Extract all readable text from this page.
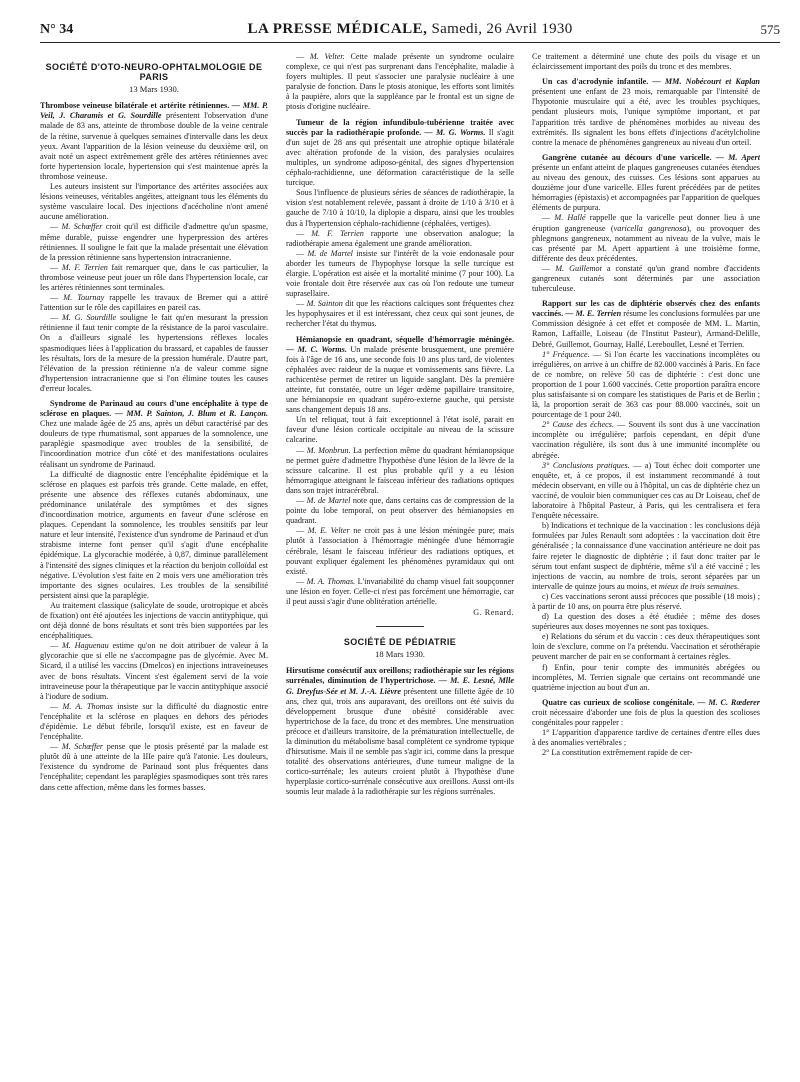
N° 34	LA PRESSE MÉDICALE, Samedi, 26 Avril 1930	575
SOCIÉTÉ D'OTO-NEURO-OPHTALMOLOGIE DE PARIS
13 Mars 1930.

Thrombose veineuse bilatérale et artérite rétiniennes. — MM. P. Veil, J. Charamis et G. Sourdille présentent l'observation d'une malade de 83 ans, atteinte de thrombose double de la veine centrale de la rétine, survenue à quelques semaines d'intervalle dans les deux yeux. Avant l'apparition de la lésion veineuse du deuxième œil, on avait noté un aspect extrêmement grêle des artères rétiniennes avec forte hypertension locale, hypertension qui s'est maintenue après la thrombose veineuse.

Les auteurs insistent sur l'importance des artérites associées aux lésions veineuses, véritables angéites, atteignant tous les éléments du système vasculaire local. Des injections d'acécholine n'ont amené aucune amélioration.

— M. Schœffer croit qu'il est difficile d'admettre qu'un spasme, même durable, puisse engendrer une hyperpression des artères rétiniennes. Il souligne le fait que la malade présentait une élévation de la pression rétinienne sans hypertension intracranienne.

— M. F. Terrien fait remarquer que, dans le cas particulier, la thrombose veineuse peut jouer un rôle dans l'hypertension locale, car les artères rétiniennes sont terminales.

— M. Tournay rappelle les travaux de Bremer qui a attiré l'attention sur le rôle des capillaires en pareil cas.

— M. G. Sourdille souligne le fait qu'en mesurant la pression rétinienne il faut tenir compte de la résistance de la paroi vasculaire. On a d'ailleurs signalé les hypertensions réflexes locales spasmodiques liées à l'application du brassard, et capables de fausser les résultats, lors de la mesure de la pression humérale. D'autre part, l'élévation de la pression rétinienne n'a de valeur comme signe d'hypertension intracranienne que si l'on élimine toutes les causes d'erreur locales.

Syndrome de Parinaud au cours d'une encéphalite à type de sclérose en plaques. — MM. P. Sainton, J. Blum et R. Lançon. Chez une malade âgée de 25 ans, après un début caractérisé par des douleurs de type rhumatismal, sont apparues de la somnolence, une paraplégie spasmodique avec troubles de la sensibilité, de l'incoordination motrice d'un côté et des manifestations oculaires réalisant un syndrome de Parinaud.

La difficulté de diagnostic entre l'encéphalite épidémique et la sclérose en plaques est parfois très grande. Cette malade, en effet, présente une absence des réflexes cutanés abdominaux, une prédominance unilatérale des symptômes et des signes d'incoordination motrice, arguments en faveur d'une sclérose en plaques. Cependant la somnolence, les troubles sensitifs par leur nature et leur intensité, l'existence d'un syndrome de Parinaud et d'un strabisme interne font penser qu'il s'agit d'une encéphalite épidémique. La glycorachie modérée, à 0,87, diminue parallèlement à l'intensité des signes cliniques et la réaction du benjoin colloïdal est négative. L'évolution s'est faite en 2 mois vers une amélioration très importante des signes oculaires. Les troubles de la sensibilité persistent ainsi que la paraplégie.

Au traitement classique (salicylate de soude, urotropique et abcès de fixation) ont été ajoutées les injections de vaccin antityphique, qui ont déjà donné de bons résultats et sont très bien supportées par les encéphalitiques.

— M. Haguenau estime qu'on ne doit attribuer de valeur à la glycorachie que si elle ne s'accompagne pas de glycémie. Avec M. Sicard, il a utilisé les vaccins (Dmelcos) en injections intraveineuses avec de bons résultats. Vincent s'est également servi de la voie intraveineuse pour la thérapeutique par le vaccin antityphique associé à l'iodure de sodium.

— M. A. Thomas insiste sur la difficulté du diagnostic entre l'encéphalite et la sclérose en plaques en dehors des périodes d'épidémie. Le début fébrile, lorsqu'il existe, est en faveur de l'encéphalite.

— M. Schœffer pense que le ptosis présenté par la malade est plutôt dû à une atteinte de la IIIe paire qu'à l'atonie. Les douleurs, l'existence du syndrome de Parinaud sont plus fréquentes dans l'encéphalite; cependant les paraplégies spasmodiques sont très rares dans cette affection, même dans les formes basses.

— M. Velter. Cette malade présente un syndrome oculaire complexe, ce qui n'est pas surprenant dans l'encéphalite, maladie à foyers multiples. Il peut s'associer une paralysie nucléaire à une paralysie de fonction. Dans le ptosis atonique, les efforts sont limités à la paupière, alors que la suppléance par le frontal est un signe de ptosis d'origine nucléaire.

Tumeur de la région infundibulo-tubérienne traitée avec succès par la radiothérapie profonde. — M. G. Worms. Il s'agit d'un sujet de 28 ans qui présentait une atrophie optique bilatérale avec altération profonde de la vision, des paralysies oculaires multiples, un syndrome adiposo-génital, des signes d'hypertension céphalo-rachidienne, une déformation caractéristique de la selle turcique.

Sous l'influence de plusieurs séries de séances de radiothérapie, la vision s'est notablement relevée, passant à droite de 1/10 à 3/10 et à gauche de 7/10 à 10/10, la diplopie a disparu, ainsi que les troubles dus à l'hypertension céphalo-rachidienne (céphalées, vertiges).

— M. F. Terrien rapporte une observation analogue; la radiothérapie amena également une grande amélioration.

— M. de Martel insiste sur l'intérêt de la voie endonasale pour aborder les tumeurs de l'hypophyse lorsque la selle turcique est élargie. L'opération est aisée et la mortalité minime (7 pour 100). La voie frontale doit être réservée aux cas où l'on redoute une tumeur suprasellaire.

— M. Sainton dit que les réactions calciques sont fréquentes chez les hypophysaires et il est intéressant, chez ceux qui sont jeunes, de rechercher l'état du thymus.

Hémianopsie en quadrant, séquelle d'hémorragie méningée. — M. C. Worms. Un malade présente brusquement, une première fois à l'âge de 16 ans, une seconde fois 10 ans plus tard, de violentes céphalées avec raideur de la nuque et vomissements sans fièvre. La rachicentèse permet de retirer un liquide sanglant. Dès la première atteinte, fut constatée, outre un léger œdème papillaire transitoire, une hémianopsie en quadrant supéro-externe gauche, qui persiste sans changement depuis 18 ans.

Un tel reliquat, tout à fait exceptionnel à l'état isolé, parait en faveur d'une lésion corticale occipitale au niveau de la scissure calcarine.

— M. Monbrun. La perfection même du quadrant hémianopsique ne permet guère d'admettre l'hypothèse d'une lésion de la lèvre de la scissure calcarine. Il est plus probable qu'il y a eu lésion hémorragique atteignant le faisceau inférieur des radiations optiques dans son trajet intracérébral.

— M. de Martel note que, dans certains cas de compression de la pointe du lobe temporal, on peut observer des hémianopsies en quadrant.

— M. E. Velter ne croit pas à une lésion méningée pure; mais plutôt à l'association à l'hémorragie méningée d'une hémorragie cérébrale, lésant le faisceau inférieur des radiations optiques, et pouvant expliquer également les phénomènes pyramidaux qui ont existé.

— M. A. Thomas. L'invariabilité du champ visuel fait soupçonner une lésion en foyer. Celle-ci n'est pas forcément une hémorragie, car il peut aussi s'agir d'une oblitération artérielle.

G. Renard.

SOCIÉTÉ DE PÉDIATRIE
18 Mars 1930.

Hirsutisme consécutif aux oreillons; radiothérapie sur les régions surrénales, diminution de l'hypertrichose. — M. E. Lesné, Mlle G. Dreyfus-Sée et M. J.-A. Lièvre présentent une fillette âgée de 10 ans, chez qui, trois ans auparavant, des oreillons ont été suivis du développement brusque d'une obésité considérable avec hypertrichose de la face, du tronc et des membres. Une menstruation précoce et d'ailleurs transitoire, de la prématuration intellectuelle, de la diminution du métabolisme basal complètent ce syndrome typique d'hirsutisme. Mais il ne semble pas s'agir ici, comme dans la presque totalité des observations antérieures, d'une tumeur maligne de la cortico-surrénale; les auteurs croient plutôt à l'hypothèse d'une hyperplasie cortico-surrénale consécutive aux oreillons. Aussi ont-ils soumis leur malade à la radiothérapie sur les régions surrénales.

Ce traitement a déterminé une chute des poils du visage et un éclaircissement important des poils du tronc et des membres.

Un cas d'acrodynie infantile. — MM. Nobécourt et Kaplan présentent une enfant de 23 mois, remarquable par l'intensité de l'hypotonie musculaire qui a été, avec les troubles psychiques, pendant plusieurs mois, l'unique symptôme important, et par l'apparition très tardive de phénomènes morbides au niveau des extrémités. Ils signalent les bons effets d'injections d'acétylcholine contre la menace de phénomènes gangreneux au niveau d'un orteil.

Gangrène cutanée au décours d'une varicelle. — M. Apert présente un enfant atteint de plaques gangreneuses cutanées étendues au niveau des genoux, des cuisses. Ces lésions sont apparues au douzième jour d'une varicelle. Elles furent précédées par de petites hémorragies (épistaxis) et accompagnées par l'apparition de quelques éléments de purpura.

— M. Hallé rappelle que la varicelle peut donner lieu à une éruption gangreneuse (varicella gangrenosa), ou provoquer des phlegmons gangreneux, notamment au niveau de la vulve, mais le cas présenté par M. Apert appartient à une troisième forme, différente des deux précédentes.

— M. Guillemot a constaté qu'un grand nombre d'accidents gangreneux cutanés sont déterminés par une association tuberculeuse.

Rapport sur les cas de diphtérie observés chez des enfants vaccinés. — M. E. Terrien résume les conclusions formulées par une Commission désignée à cet effet et composée de MM. L. Martin, Ramon, Laffaille, Loiseau (de l'Institut Pasteur), Armand-Delille, Debré, Guillemot, Gournay, Hallé, Lereboullet, Lesné et Terrien.

1° Fréquence. — Si l'on écarte les vaccinations incomplètes ou irrégulières, on arrive à un chiffre de 82.000 vaccinés à Paris. En face de ce nombre, on relève 50 cas de diphtérie : c'est donc une proportion de 1 pour 1.600 vaccinés. Cette proportion paraîtra encore plus satisfaisante si on compare les statistiques de Paris et de Berlin ; là, la proportion serait de 363 cas pour 88.000 vaccinés, soit un pourcentage de 1 pour 240.

2° Cause des échecs. — Souvent ils sont dus à une vaccination incomplète ou irrégulière; parfois cependant, en dépit d'une vaccination régulière, ils sont dus à une immunité incomplète ou abrégée.

3° Conclusions pratiques. — a) Tout échec doit comporter une enquête, et, à ce propos, il est instamment recommandé à tout médecin observant, en ville ou à l'hôpital, un cas de diphtérie chez un vacciné, de vouloir bien communiquer ces cas au Dr Loiseau, chef de laboratoire à l'hôpital Pasteur, à Paris, qui les centralisera et fera l'enquête nécessaire.

b) Indications et technique de la vaccination : les conclusions déjà formulées par Jules Renault sont adoptées : la vaccination doit être généralisée ; la connaissance d'une vaccination antérieure ne doit pas faire rejeter le diagnostic de diphtérie ; il faut donc traiter par le sérum tout enfant suspect de diphtérie, même s'il a été vacciné ; les injections de vaccin, au nombre de trois, seront séparées par un intervalle de quinze jours au moins, et mieux de trois semaines.

c) Ces vaccinations seront aussi précoces que possible (18 mois) ; à partir de 10 ans, on pourra être plus réservé.

d) La question des doses a été étudiée ; même des doses supérieures aux doses moyennes ne sont pas toxiques.

e) Relations du sérum et du vaccin : ces deux thérapeutiques sont loin de s'exclure, comme on l'a prétendu. Vaccination et sérothérapie peuvent marcher de pair en se conformant à certaines règles.

f) Enfin, pour tenir compte des immunités abrégées ou incomplètes, M. Terrien signale que certains ont recommandé une quatrième injection au bout d'un an.

Quatre cas curieux de scoliose congénitale. — M. C. Rœderer croit nécessaire d'aborder une fois de plus la question des scolioses congénitales pour rappeler :

1° L'apparition d'apparence tardive de certaines d'entre elles dues à des anomalies vertébrales ;

2° La constitution extrêmement rapide de cer-
